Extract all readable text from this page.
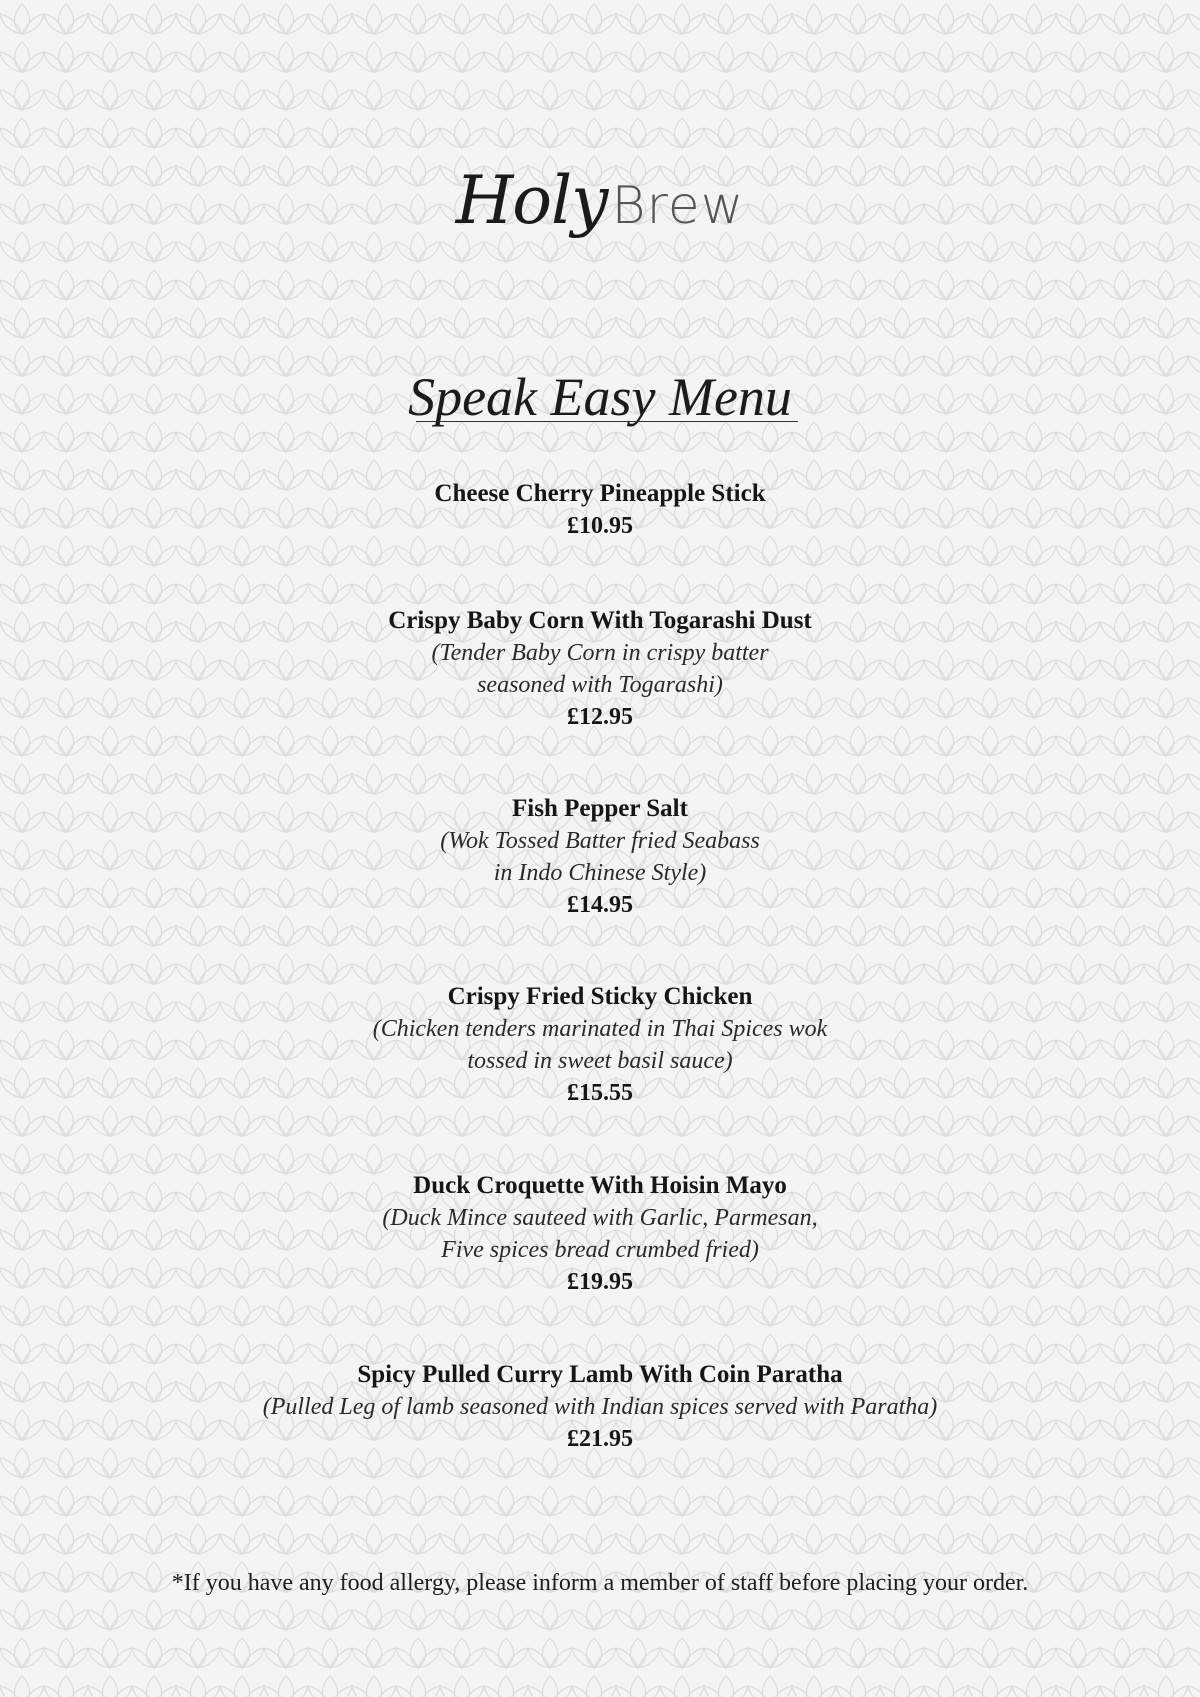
HolyBrew
Speak Easy Menu
Cheese Cherry Pineapple Stick
£10.95
Crispy Baby Corn With Togarashi Dust
(Tender Baby Corn in crispy batter
seasoned with Togarashi)
£12.95
Fish Pepper Salt
(Wok Tossed Batter fried Seabass
in Indo Chinese Style)
£14.95
Crispy Fried Sticky Chicken
(Chicken tenders marinated in Thai Spices wok
tossed in sweet basil sauce)
£15.55
Duck Croquette With Hoisin Mayo
(Duck Mince sauteed with Garlic, Parmesan,
Five spices bread crumbed fried)
£19.95
Spicy Pulled Curry Lamb With Coin Paratha
(Pulled Leg of lamb seasoned with Indian spices served with Paratha)
£21.95
*If you have any food allergy, please inform a member of staff before placing your order.
